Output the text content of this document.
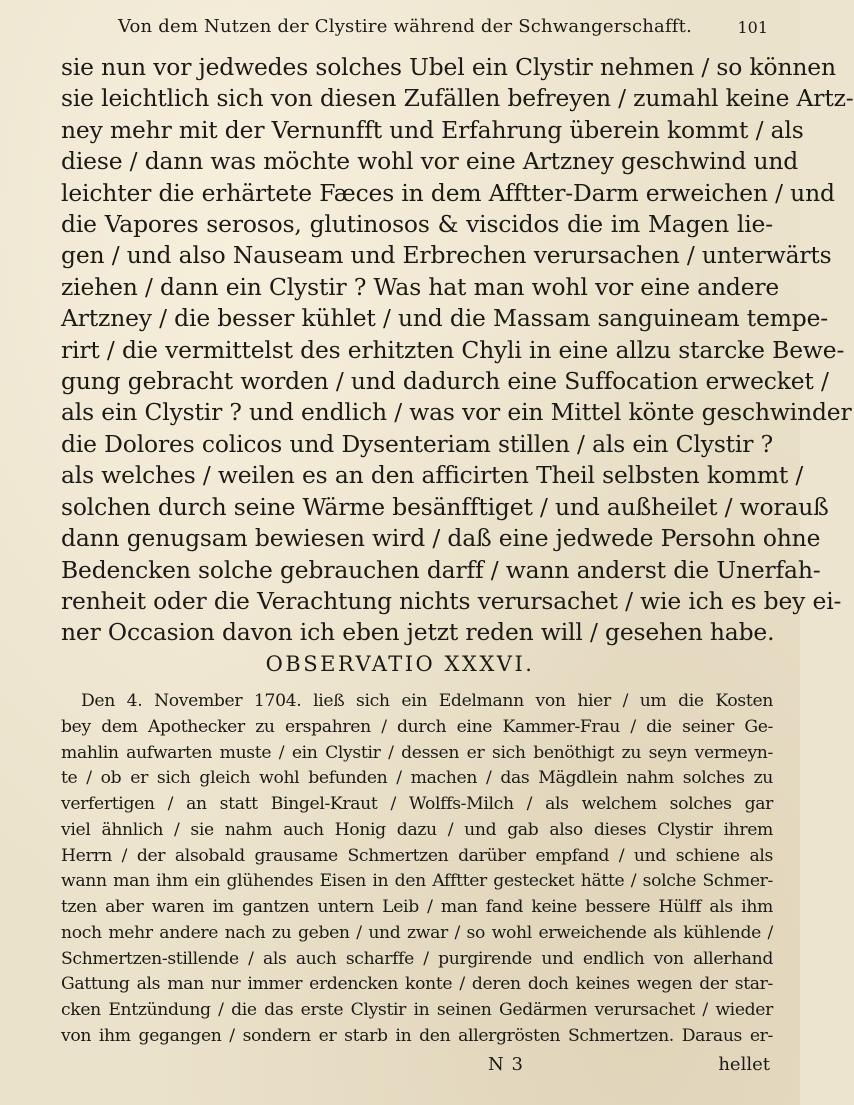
Von dem Nutzen der Clystire während der Schwangerschafft.	101
sie nun vor jedwedes solches Ubel ein Clystir nehmen / so können
sie leichtlich sich von diesen Zufällen befreyen / zumahl keine Artz-
ney mehr mit der Vernunfft und Erfahrung überein kommt / als
diese / dann was möchte wohl vor eine Artzney geschwind und
leichter die erhärtete Fæces in dem Afftter-Darm erweichen / und
die Vapores serosos, glutinosos & viscidos die im Magen lie-
gen / und also Nauseam und Erbrechen verursachen / unterwärts
ziehen / dann ein Clystir ? Was hat man wohl vor eine andere
Artzney / die besser kühlet / und die Massam sanguineam tempe-
rirt / die vermittelst des erhitzten Chyli in eine allzu starcke Bewe-
gung gebracht worden / und dadurch eine Suffocation erwecket /
als ein Clystir ? und endlich / was vor ein Mittel könte geschwinder
die Dolores colicos und Dysenteriam stillen / als ein Clystir ?
als welches / weilen es an den afficirten Theil selbsten kommt /
solchen durch seine Wärme besänfftiget / und außheilet / worauß
dann genugsam bewiesen wird / daß eine jedwede Persohn ohne
Bedencken solche gebrauchen darff / wann anderst die Unerfah-
renheit oder die Verachtung nichts verursachet / wie ich es bey ei-
ner Occasion davon ich eben jetzt reden will / gesehen habe.
OBSERVATIO XXXVI.
Den 4. November 1704. ließ sich ein Edelmann von hier / um die Kosten
bey dem Apothecker zu erspahren / durch eine Kammer-Frau / die seiner Ge-
mahlin aufwarten muste / ein Clystir / dessen er sich benöthigt zu seyn vermeyn-
te / ob er sich gleich wohl befunden / machen / das Mägdlein nahm solches zu
verfertigen / an statt Bingel-Kraut / Wolffs-Milch / als welchem solches gar
viel ähnlich / sie nahm auch Honig dazu / und gab also dieses Clystir ihrem
Herrn / der alsobald grausame Schmertzen darüber empfand / und schiene als
wann man ihm ein glühendes Eisen in den Afftter gestecket hätte / solche Schmer-
tzen aber waren im gantzen untern Leib / man fand keine bessere Hülff als ihm
noch mehr andere nach zu geben / und zwar / so wohl erweichende als kühlende /
Schmertzen-stillende / als auch scharffe / purgirende und endlich von allerhand
Gattung als man nur immer erdencken konte / deren doch keines wegen der star-
cken Entzündung / die das erste Clystir in seinen Gedärmen verursachet / wieder
von ihm gegangen / sondern er starb in den allergrösten Schmertzen. Daraus er-
N 3	hellet
